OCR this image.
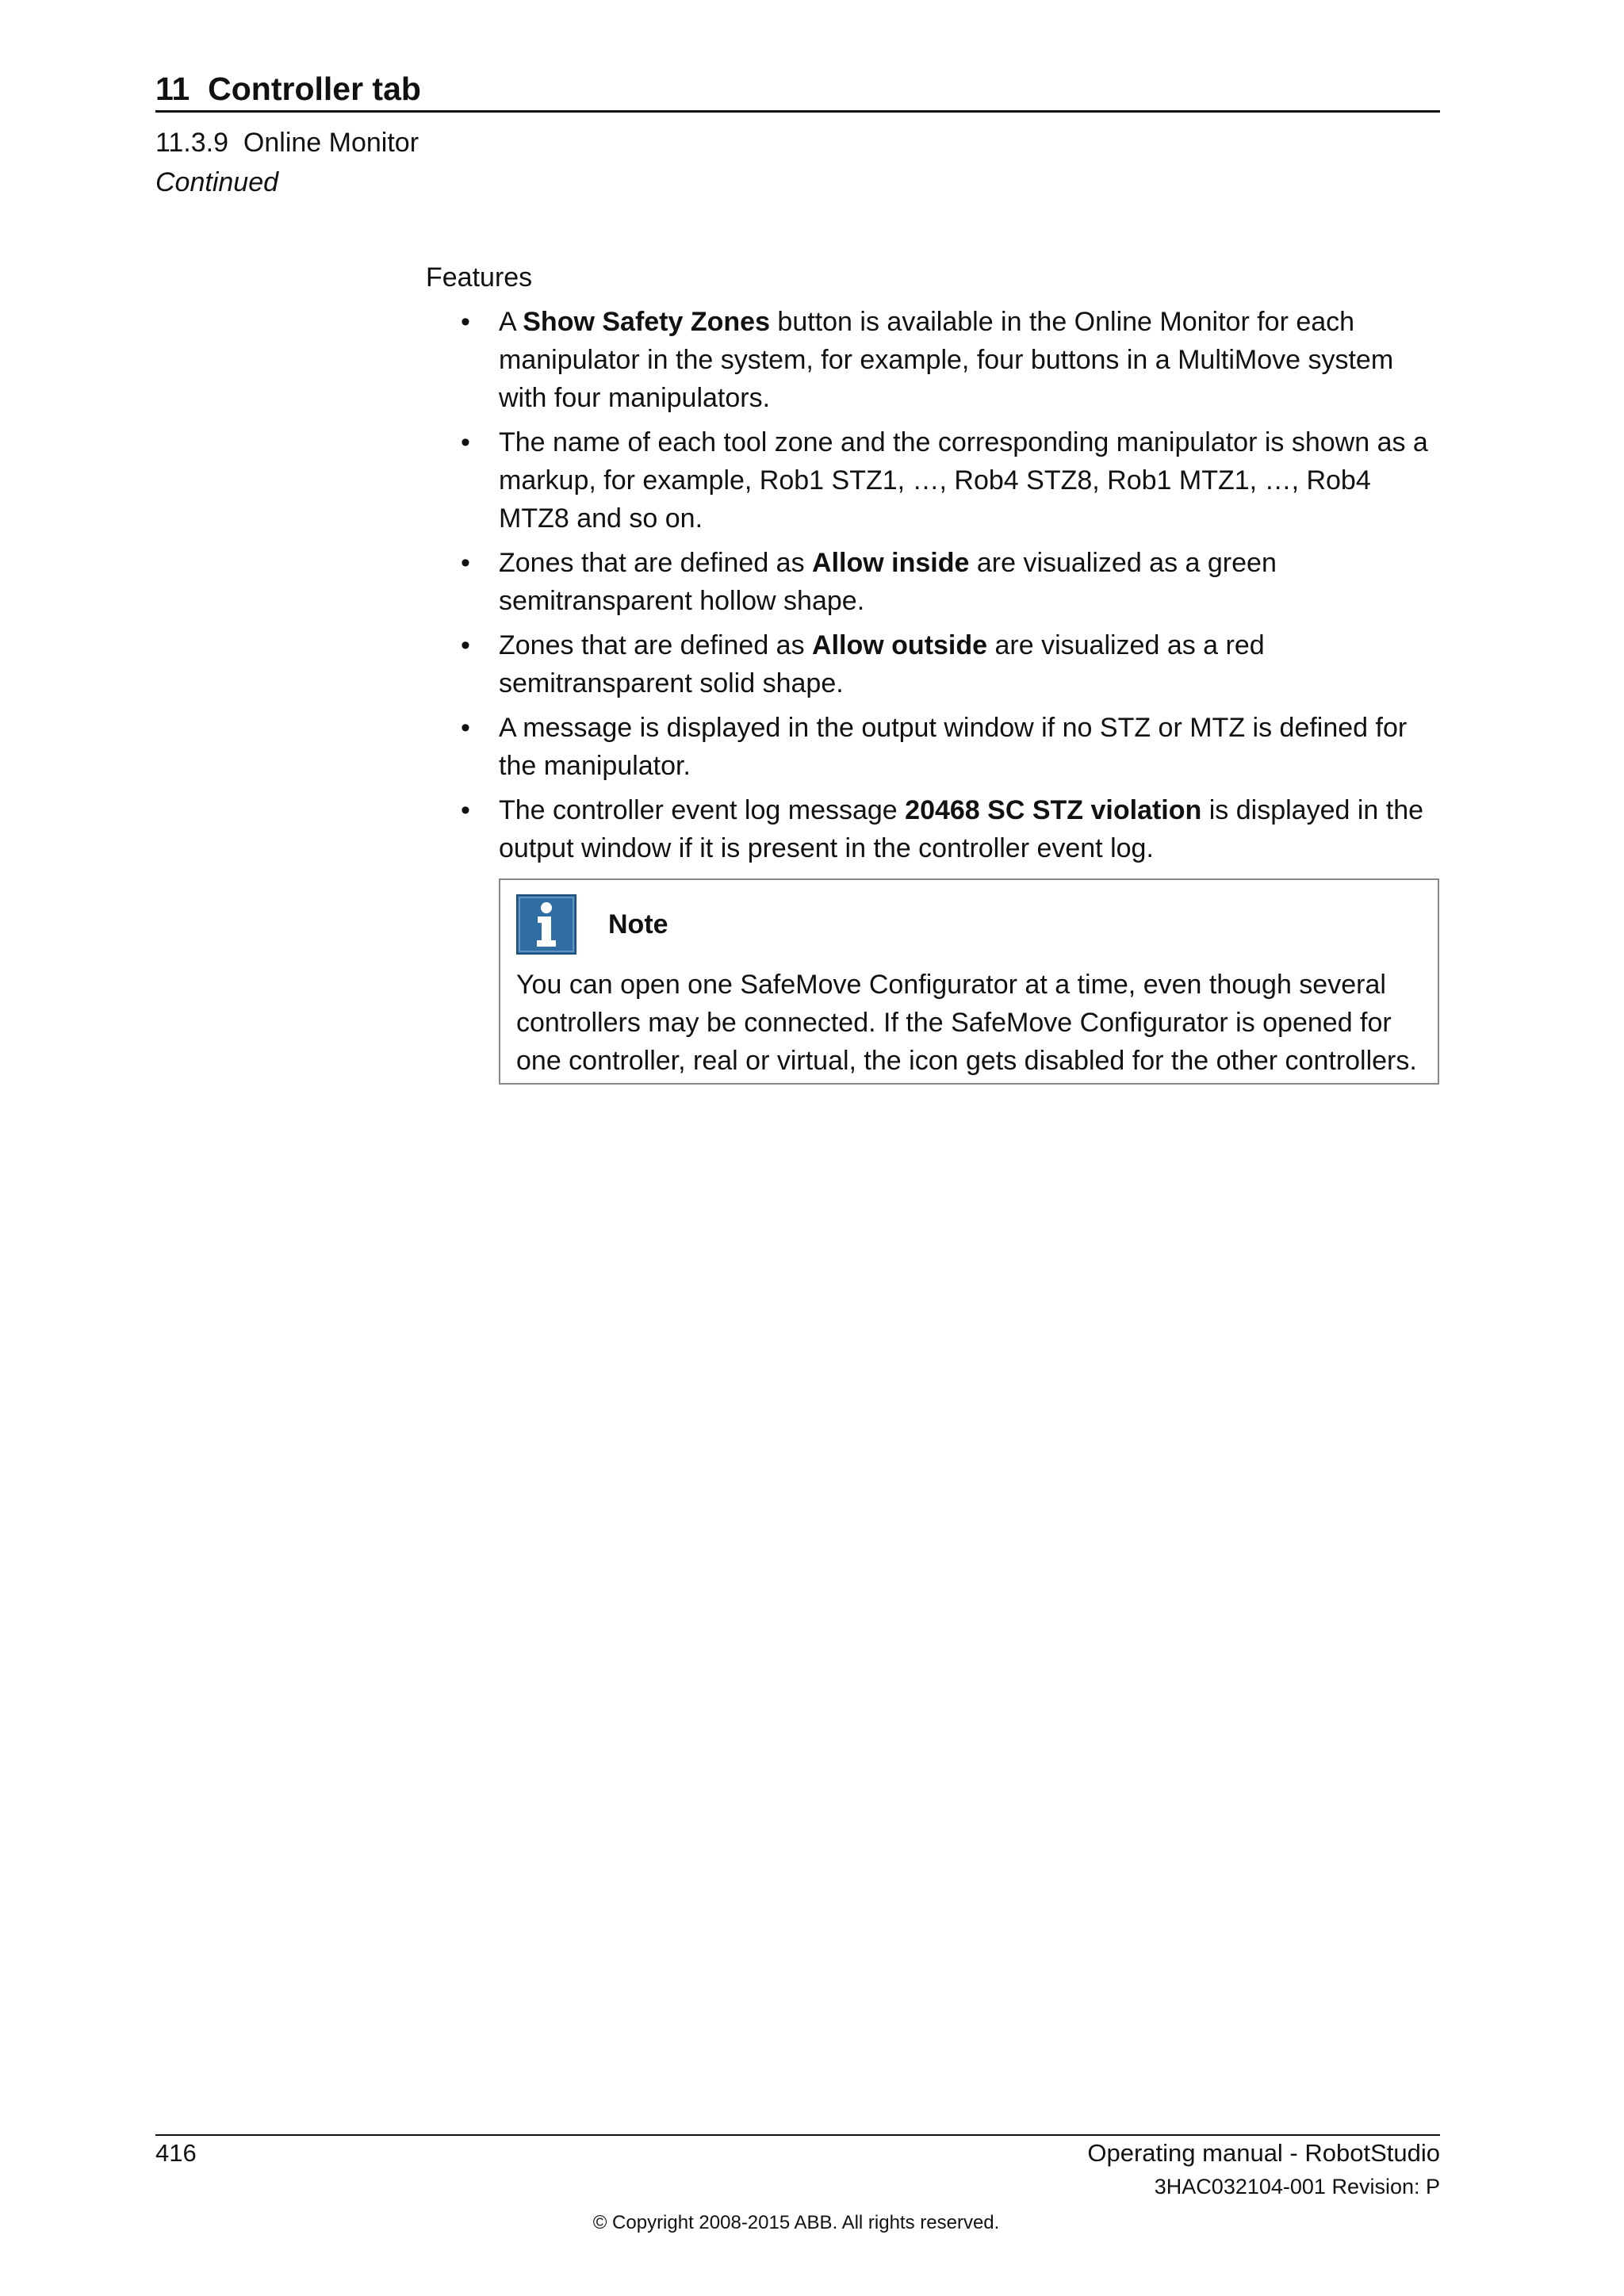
11 Controller tab
11.3.9 Online Monitor
Continued
Features
• A Show Safety Zones button is available in the Online Monitor for each manipulator in the system, for example, four buttons in a MultiMove system with four manipulators.
• The name of each tool zone and the corresponding manipulator is shown as a markup, for example, Rob1 STZ1, …, Rob4 STZ8, Rob1 MTZ1, …, Rob4 MTZ8 and so on.
• Zones that are defined as Allow inside are visualized as a green semitransparent hollow shape.
• Zones that are defined as Allow outside are visualized as a red semitransparent solid shape.
• A message is displayed in the output window if no STZ or MTZ is defined for the manipulator.
• The controller event log message 20468 SC STZ violation is displayed in the output window if it is present in the controller event log.
Note
You can open one SafeMove Configurator at a time, even though several controllers may be connected. If the SafeMove Configurator is opened for one controller, real or virtual, the icon gets disabled for the other controllers.
416	Operating manual - RobotStudio
3HAC032104-001 Revision: P
© Copyright 2008-2015 ABB. All rights reserved.
